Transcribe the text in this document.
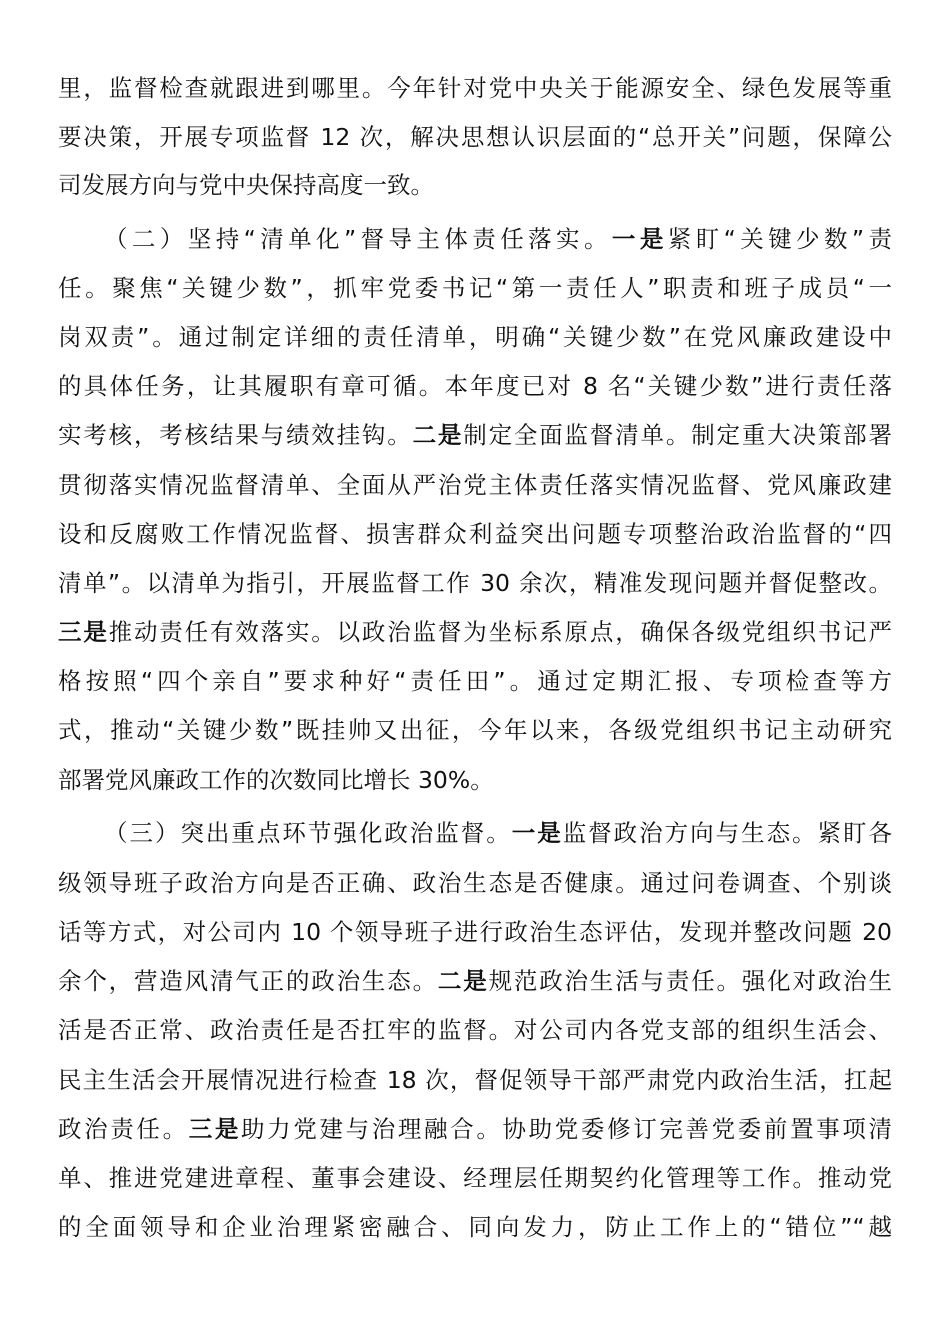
里，监督检查就跟进到哪里。今年针对党中央关于能源安全、绿色发展等重
要决策，开展专项监督 12 次，解决思想认识层面的“总开关”问题，保障公
司发展方向与党中央保持高度一致。
（二）坚持“清单化”督导主体责任落实。一是紧盯“关键少数”责
任。聚焦“关键少数”，抓牢党委书记“第一责任人”职责和班子成员“一
岗双责”。通过制定详细的责任清单，明确“关键少数”在党风廉政建设中
的具体任务，让其履职有章可循。本年度已对 8 名“关键少数”进行责任落
实考核，考核结果与绩效挂钩。二是制定全面监督清单。制定重大决策部署
贯彻落实情况监督清单、全面从严治党主体责任落实情况监督、党风廉政建
设和反腐败工作情况监督、损害群众利益突出问题专项整治政治监督的“四
清单”。以清单为指引，开展监督工作 30 余次，精准发现问题并督促整改。
三是推动责任有效落实。以政治监督为坐标系原点，确保各级党组织书记严
格按照“四个亲自”要求种好“责任田”。通过定期汇报、专项检查等方
式，推动“关键少数”既挂帅又出征，今年以来，各级党组织书记主动研究
部署党风廉政工作的次数同比增长 30%。
（三）突出重点环节强化政治监督。一是监督政治方向与生态。紧盯各
级领导班子政治方向是否正确、政治生态是否健康。通过问卷调查、个别谈
话等方式，对公司内 10 个领导班子进行政治生态评估，发现并整改问题 20
余个，营造风清气正的政治生态。二是规范政治生活与责任。强化对政治生
活是否正常、政治责任是否扛牢的监督。对公司内各党支部的组织生活会、
民主生活会开展情况进行检查 18 次，督促领导干部严肃党内政治生活，扛起
政治责任。三是助力党建与治理融合。协助党委修订完善党委前置事项清
单、推进党建进章程、董事会建设、经理层任期契约化管理等工作。推动党
的全面领导和企业治理紧密融合、同向发力，防止工作上的“错位”“越
